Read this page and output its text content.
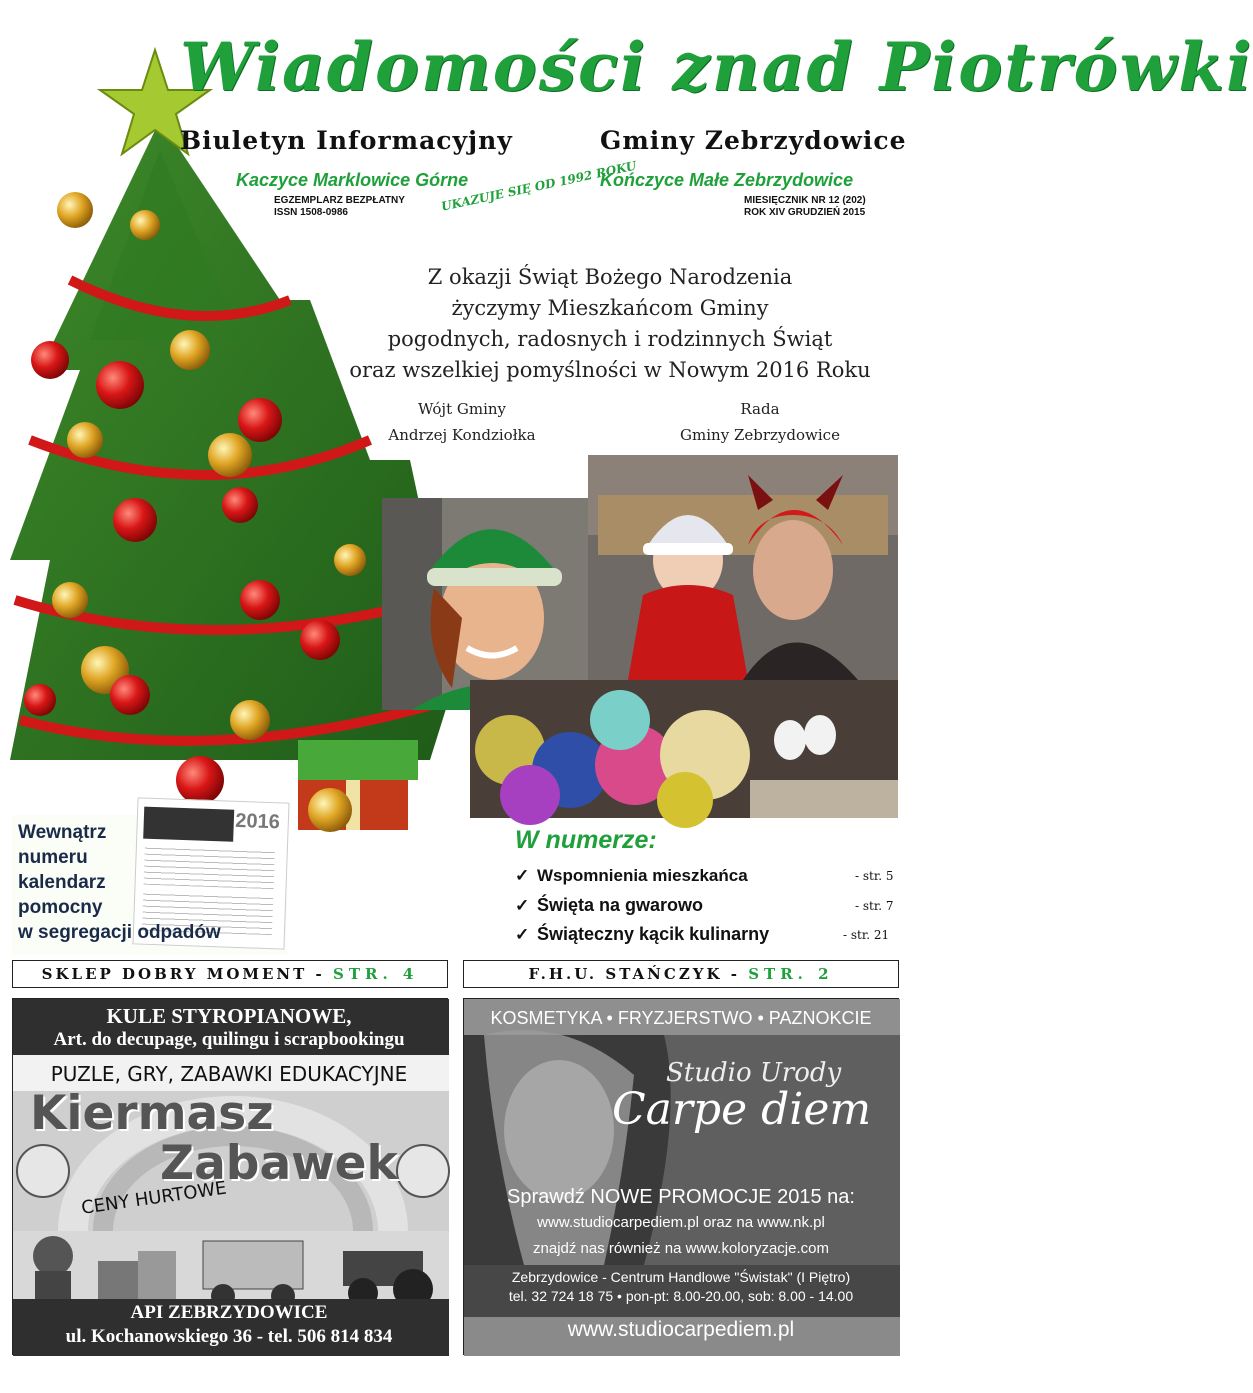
Wiadomości znad Piotrówki
Biuletyn Informacyjny	Gminy Zebrzydowice
Kaczyce Marklowice Górne	Kończyce Małe Zebrzydowice
EGZEMPLARZ BEZPŁATNY
ISSN 1508-0986	UKAZUJE SIĘ OD 1992 ROKU	MIESIĘCZNIK NR 12 (202)
ROK XIV GRUDZIEŃ 2015
Z okazji Świąt Bożego Narodzenia
życzymy Mieszkańcom Gminy
pogodnych, radosnych i rodzinnych Świąt
oraz wszelkiej pomyślności w Nowym 2016 Roku
Wójt Gminy
Andrzej Kondziołka
Rada
Gminy Zebrzydowice
2016
Wewnątrz
numeru
kalendarz
pomocny
w segregacji odpadów
W numerze:
✓ Wspomnienia mieszkańca	- str. 5
✓ Święta na gwarowo	- str. 7
✓ Świąteczny kącik kulinarny	- str. 21
SKLEP DOBRY MOMENT - STR. 4	F.H.U. STAŃCZYK - STR. 2
KULE STYROPIANOWE,
Art. do decupage, quilingu i scrapbookingu
PUZLE, GRY, ZABAWKI EDUKACYJNE
Kiermasz
Zabawek
CENY HURTOWE
API ZEBRZYDOWICE
ul. Kochanowskiego 36 - tel. 506 814 834
KOSMETYKA • FRYZJERSTWO • PAZNOKCIE
Studio Urody
Carpe diem
Sprawdź NOWE PROMOCJE 2015 na:
www.studiocarpediem.pl oraz na www.nk.pl
znajdź nas również na www.koloryzacje.com
Zebrzydowice - Centrum Handlowe "Świstak" (I Piętro)
tel. 32 724 18 75 • pon-pt: 8.00-20.00, sob: 8.00 - 14.00
www.studiocarpediem.pl
